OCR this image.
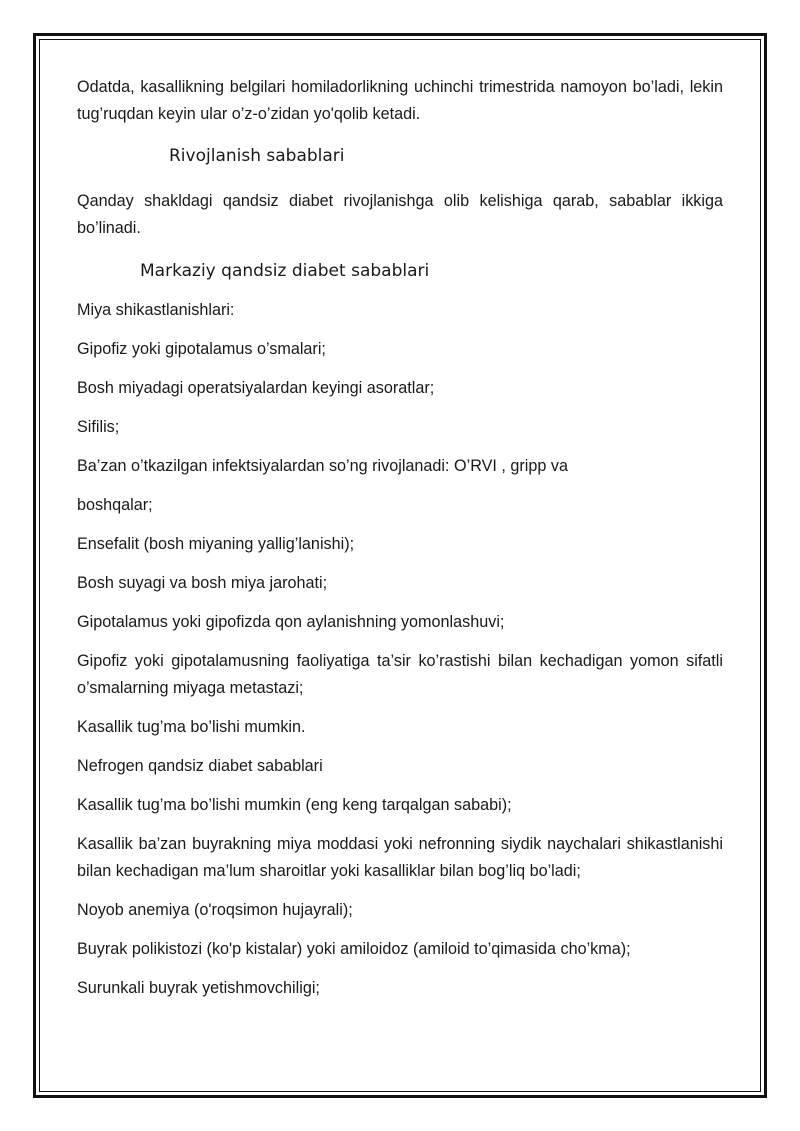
Odatda, kasallikning belgilari homiladorlikning uchinchi trimestrida namoyon bo’ladi, lekin tug’ruqdan keyin ular o’z-o’zidan yo'qolib ketadi.

Rivojlanish sabablari

Qanday shakldagi qandsiz diabet rivojlanishga olib kelishiga qarab, sabablar ikkiga bo’linadi.

Markaziy qandsiz diabet sabablari

Miya shikastlanishlari:

Gipofiz yoki gipotalamus o’smalari;

Bosh miyadagi operatsiyalardan keyingi asoratlar;

Sifilis;

Ba’zan o’tkazilgan infektsiyalardan so’ng rivojlanadi: O’RVI , gripp va

boshqalar;

Ensefalit (bosh miyaning yallig’lanishi);

Bosh suyagi va bosh miya jarohati;

Gipotalamus yoki gipofizda qon aylanishning yomonlashuvi;

Gipofiz yoki gipotalamusning faoliyatiga ta’sir ko’rastishi bilan kechadigan yomon sifatli o’smalarning miyaga metastazi;

Kasallik tug’ma bo’lishi mumkin.

Nefrogen qandsiz diabet sabablari

Kasallik tug’ma bo’lishi mumkin (eng keng tarqalgan sababi);

Kasallik ba’zan buyrakning miya moddasi yoki nefronning siydik naychalari shikastlanishi bilan kechadigan ma’lum sharoitlar yoki kasalliklar bilan bog’liq bo’ladi;

Noyob anemiya (o'roqsimon hujayrali);

Buyrak polikistozi (ko'p kistalar) yoki amiloidoz (amiloid to’qimasida cho’kma);

Surunkali buyrak yetishmovchiligi;
